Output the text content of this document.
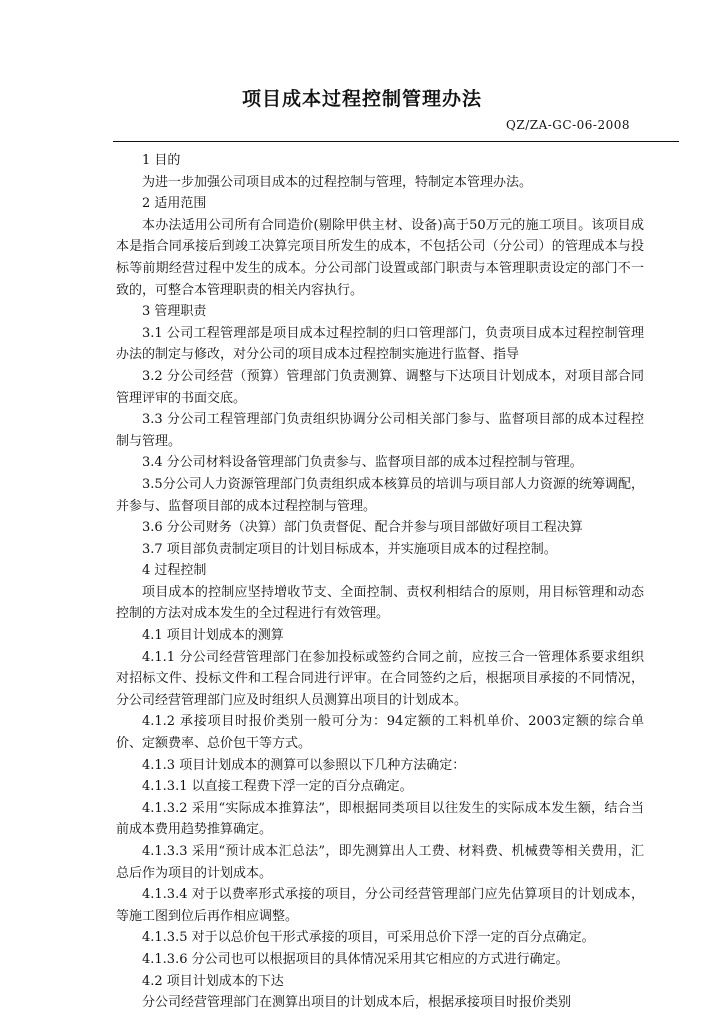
项目成本过程控制管理办法
QZ/ZA-GC-06-2008

1 目的

为进一步加强公司项目成本的过程控制与管理，特制定本管理办法。

2 适用范围

本办法适用公司所有合同造价(剔除甲供主材、设备)高于50万元的施工项目。该项目成本是指合同承接后到竣工决算完项目所发生的成本，不包括公司（分公司）的管理成本与投标等前期经营过程中发生的成本。分公司部门设置或部门职责与本管理职责设定的部门不一致的，可整合本管理职责的相关内容执行。

3 管理职责

3.1 公司工程管理部是项目成本过程控制的归口管理部门，负责项目成本过程控制管理办法的制定与修改，对分公司的项目成本过程控制实施进行监督、指导

3.2 分公司经营（预算）管理部门负责测算、调整与下达项目计划成本，对项目部合同管理评审的书面交底。

3.3 分公司工程管理部门负责组织协调分公司相关部门参与、监督项目部的成本过程控制与管理。

3.4 分公司材料设备管理部门负责参与、监督项目部的成本过程控制与管理。

3.5分公司人力资源管理部门负责组织成本核算员的培训与项目部人力资源的统筹调配，并参与、监督项目部的成本过程控制与管理。

3.6 分公司财务（决算）部门负责督促、配合并参与项目部做好项目工程决算

3.7 项目部负责制定项目的计划目标成本，并实施项目成本的过程控制。

4 过程控制

项目成本的控制应坚持增收节支、全面控制、责权利相结合的原则，用目标管理和动态控制的方法对成本发生的全过程进行有效管理。

4.1 项目计划成本的测算

4.1.1 分公司经营管理部门在参加投标或签约合同之前，应按三合一管理体系要求组织对招标文件、投标文件和工程合同进行评审。在合同签约之后，根据项目承接的不同情况，分公司经营管理部门应及时组织人员测算出项目的计划成本。

4.1.2 承接项目时报价类别一般可分为：94定额的工料机单价、2003定额的综合单价、定额费率、总价包干等方式。

4.1.3 项目计划成本的测算可以参照以下几种方法确定：

4.1.3.1 以直接工程费下浮一定的百分点确定。

4.1.3.2 采用“实际成本推算法”，即根据同类项目以往发生的实际成本发生额，结合当前成本费用趋势推算确定。

4.1.3.3 采用“预计成本汇总法”，即先测算出人工费、材料费、机械费等相关费用，汇总后作为项目的计划成本。

4.1.3.4 对于以费率形式承接的项目，分公司经营管理部门应先估算项目的计划成本，等施工图到位后再作相应调整。

4.1.3.5 对于以总价包干形式承接的项目，可采用总价下浮一定的百分点确定。

4.1.3.6 分公司也可以根据项目的具体情况采用其它相应的方式进行确定。

4.2 项目计划成本的下达

分公司经营管理部门在测算出项目的计划成本后，根据承接项目时报价类别
